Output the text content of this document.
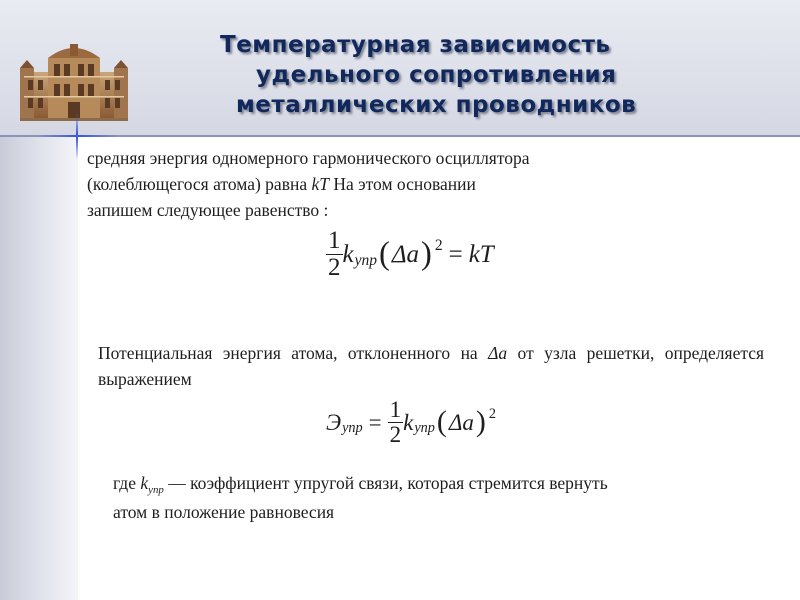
Температурная зависимость
удельного сопротивления
металлических проводников
средняя энергия одномерного гармонического осциллятора
(колеблющегося атома) равна kT На этом основании
запишем следующее равенство :
$\frac{1}{2}$ k упр ( Δa ) 2 = kT
Потенциальная энергия атома, отклоненного на Δa от узла решетки, определяется выражением
Э упр = $\frac{1}{2}$ k упр ( Δa ) 2
где $k_{упр}$ — коэффициент упругой связи, которая стремится вернуть
атом в положение равновесия
